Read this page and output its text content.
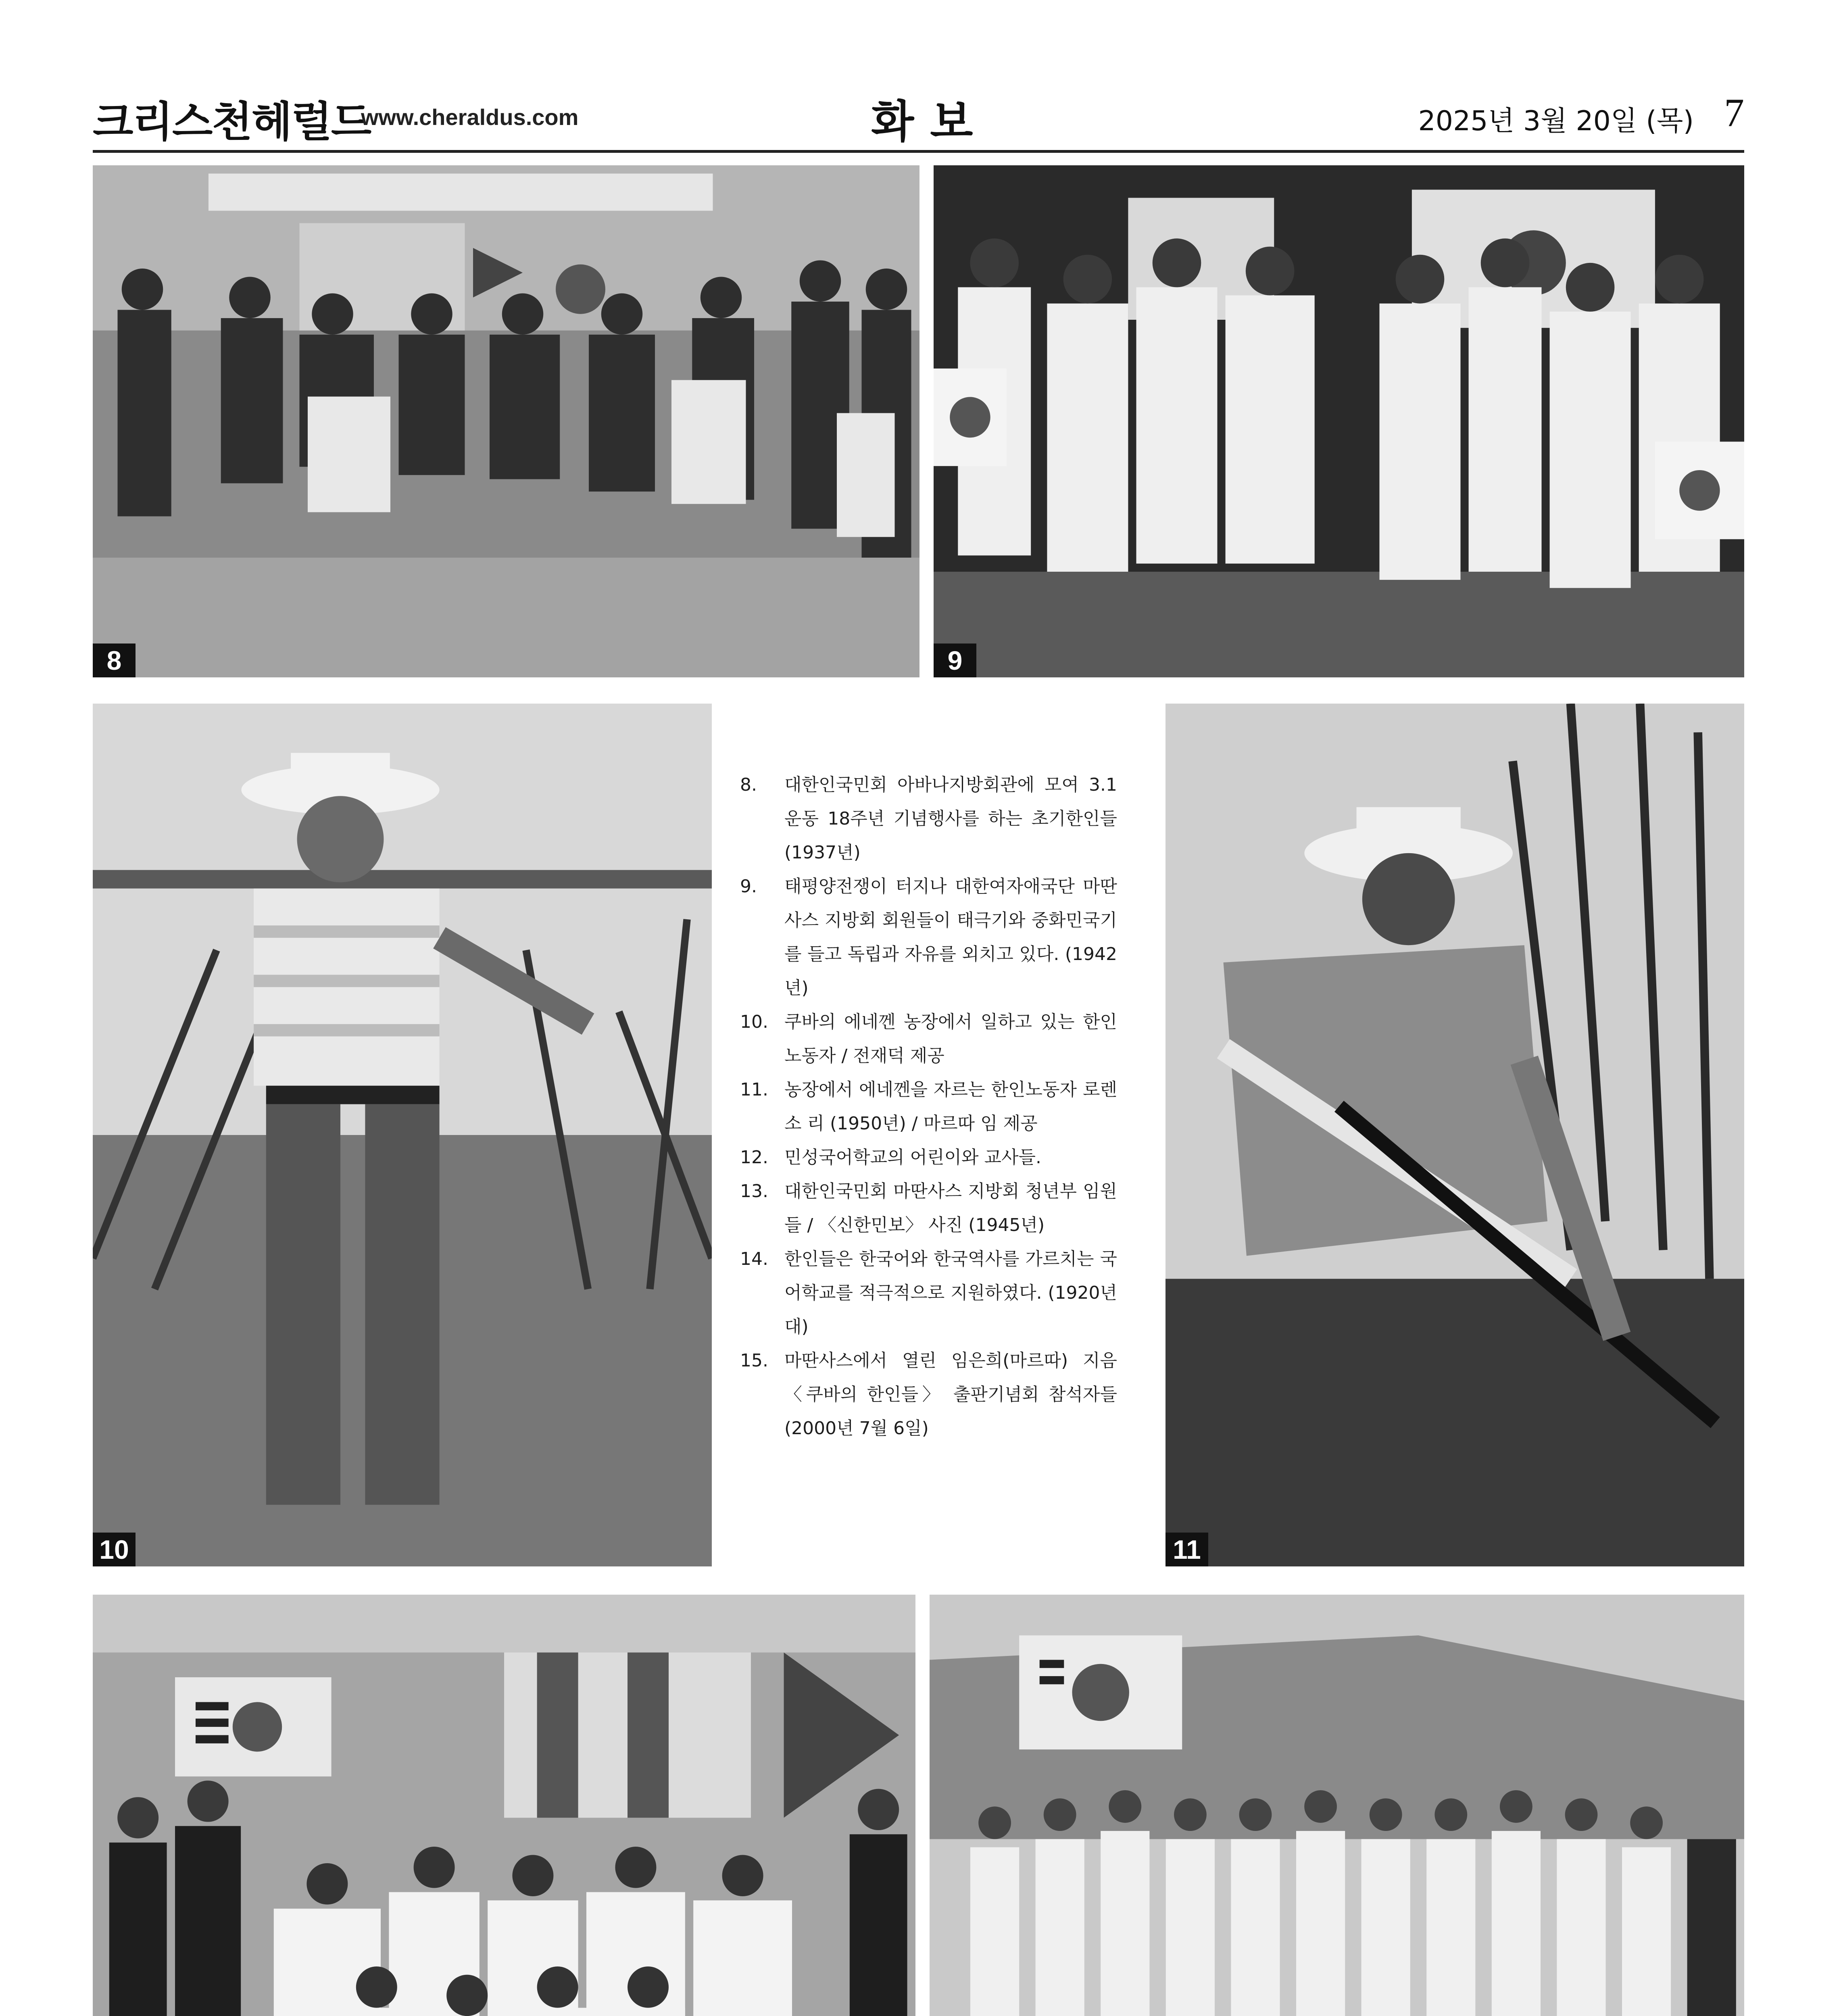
크리스천헤럴드
www.cheraldus.com	화보	2025년 3월 20일 (목) 7
8	9
10
8. 대한인국민회 아바나지방회관에 모여 3.1운동 18주년 기념행사를 하는 초기한인들 (1937년)
9. 태평양전쟁이 터지나 대한여자애국단 마딴사스 지방회 회원들이 태극기와 중화민국기를 들고 독립과 자유를 외치고 있다. (1942년)
10. 쿠바의 에네껜 농장에서 일하고 있는 한인노동자 / 전재덕 제공
11. 농장에서 에네껜을 자르는 한인노동자 로렌소 리 (1950년) / 마르따 임 제공
12. 민성국어학교의 어린이와 교사들.
13. 대한인국민회 마딴사스 지방회 청년부 임원들 / 〈신한민보〉 사진 (1945년)
14. 한인들은 한국어와 한국역사를 가르치는 국어학교를 적극적으로 지원하였다. (1920년대)
15. 마딴사스에서 열린 임은희(마르따) 지음 〈쿠바의 한인들〉 출판기념회 참석자들 (2000년 7월 6일)
11
